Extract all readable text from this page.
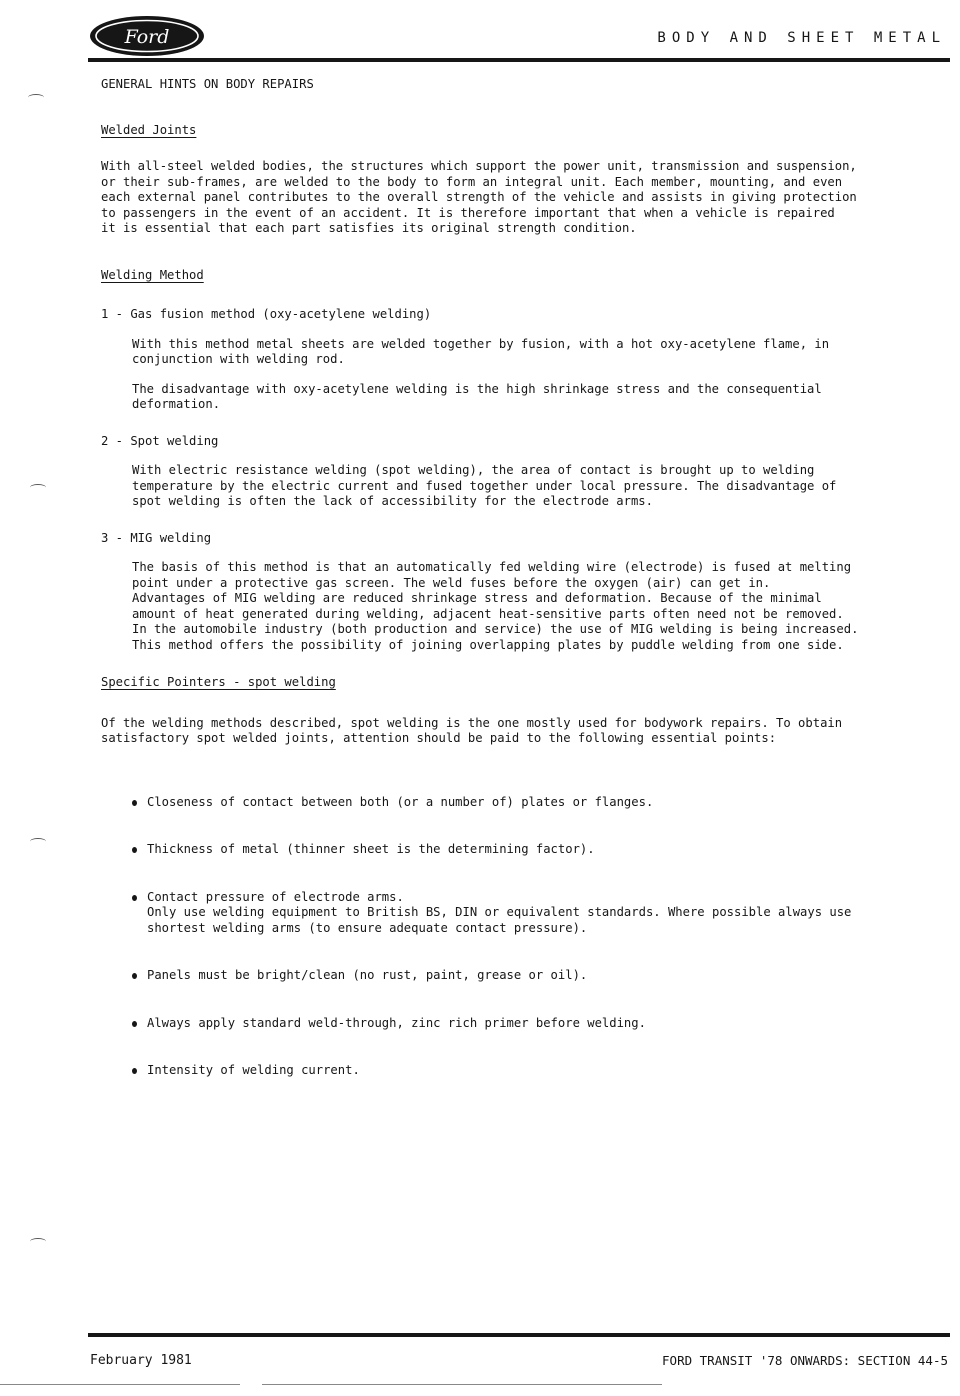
Ford	BODY AND SHEET METAL

GENERAL HINTS ON BODY REPAIRS

Welded Joints

With all-steel welded bodies, the structures which support the power unit, transmission and suspension,
or their sub-frames, are welded to the body to form an integral unit. Each member, mounting, and even
each external panel contributes to the overall strength of the vehicle and assists in giving protection
to passengers in the event of an accident. It is therefore important that when a vehicle is repaired
it is essential that each part satisfies its original strength condition.

Welding Method

1 - Gas fusion method (oxy-acetylene welding)

With this method metal sheets are welded together by fusion, with a hot oxy-acetylene flame, in
conjunction with welding rod.

The disadvantage with oxy-acetylene welding is the high shrinkage stress and the consequential
deformation.

2 - Spot welding

With electric resistance welding (spot welding), the area of contact is brought up to welding
temperature by the electric current and fused together under local pressure. The disadvantage of
spot welding is often the lack of accessibility for the electrode arms.

3 - MIG welding

The basis of this method is that an automatically fed welding wire (electrode) is fused at melting
point under a protective gas screen. The weld fuses before the oxygen (air) can get in.
Advantages of MIG welding are reduced shrinkage stress and deformation. Because of the minimal
amount of heat generated during welding, adjacent heat-sensitive parts often need not be removed.
In the automobile industry (both production and service) the use of MIG welding is being increased.
This method offers the possibility of joining overlapping plates by puddle welding from one side.

Specific Pointers - spot welding

Of the welding methods described, spot welding is the one mostly used for bodywork repairs. To obtain
satisfactory spot welded joints, attention should be paid to the following essential points:

Closeness of contact between both (or a number of) plates or flanges.
Thickness of metal (thinner sheet is the determining factor).
Contact pressure of electrode arms.
Only use welding equipment to British BS, DIN or equivalent standards. Where possible always use
shortest welding arms (to ensure adequate contact pressure).
Panels must be bright/clean (no rust, paint, grease or oil).
Always apply standard weld-through, zinc rich primer before welding.
Intensity of welding current.
February 1981	FORD TRANSIT '78 ONWARDS: SECTION 44-5
